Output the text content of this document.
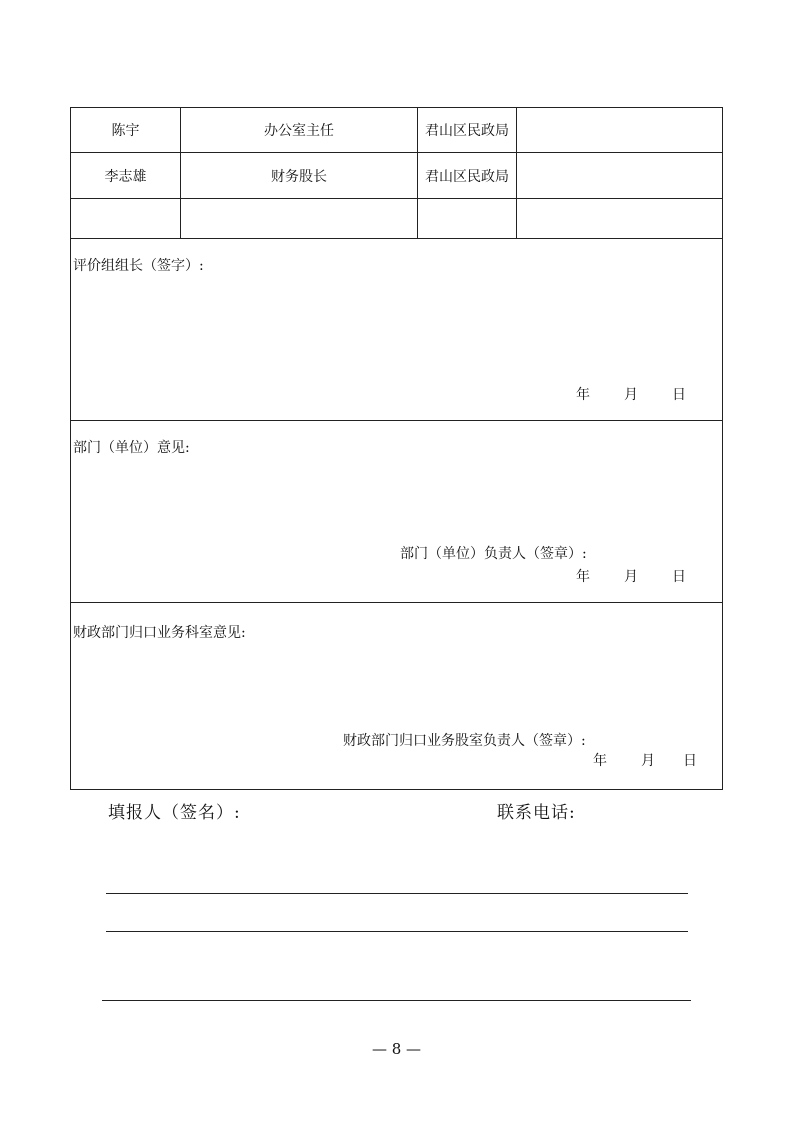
陈宇	办公室主任	君山区民政局
李志雄	财务股长	君山区民政局
评价组组长（签字）:
年 月 日
部门（单位）意见:
部门（单位）负责人（签章）:
年 月 日
财政部门归口业务科室意见:
财政部门归口业务股室负责人（签章）:
年 月 日
填报人（签名）:	联系电话:
— 8 —
